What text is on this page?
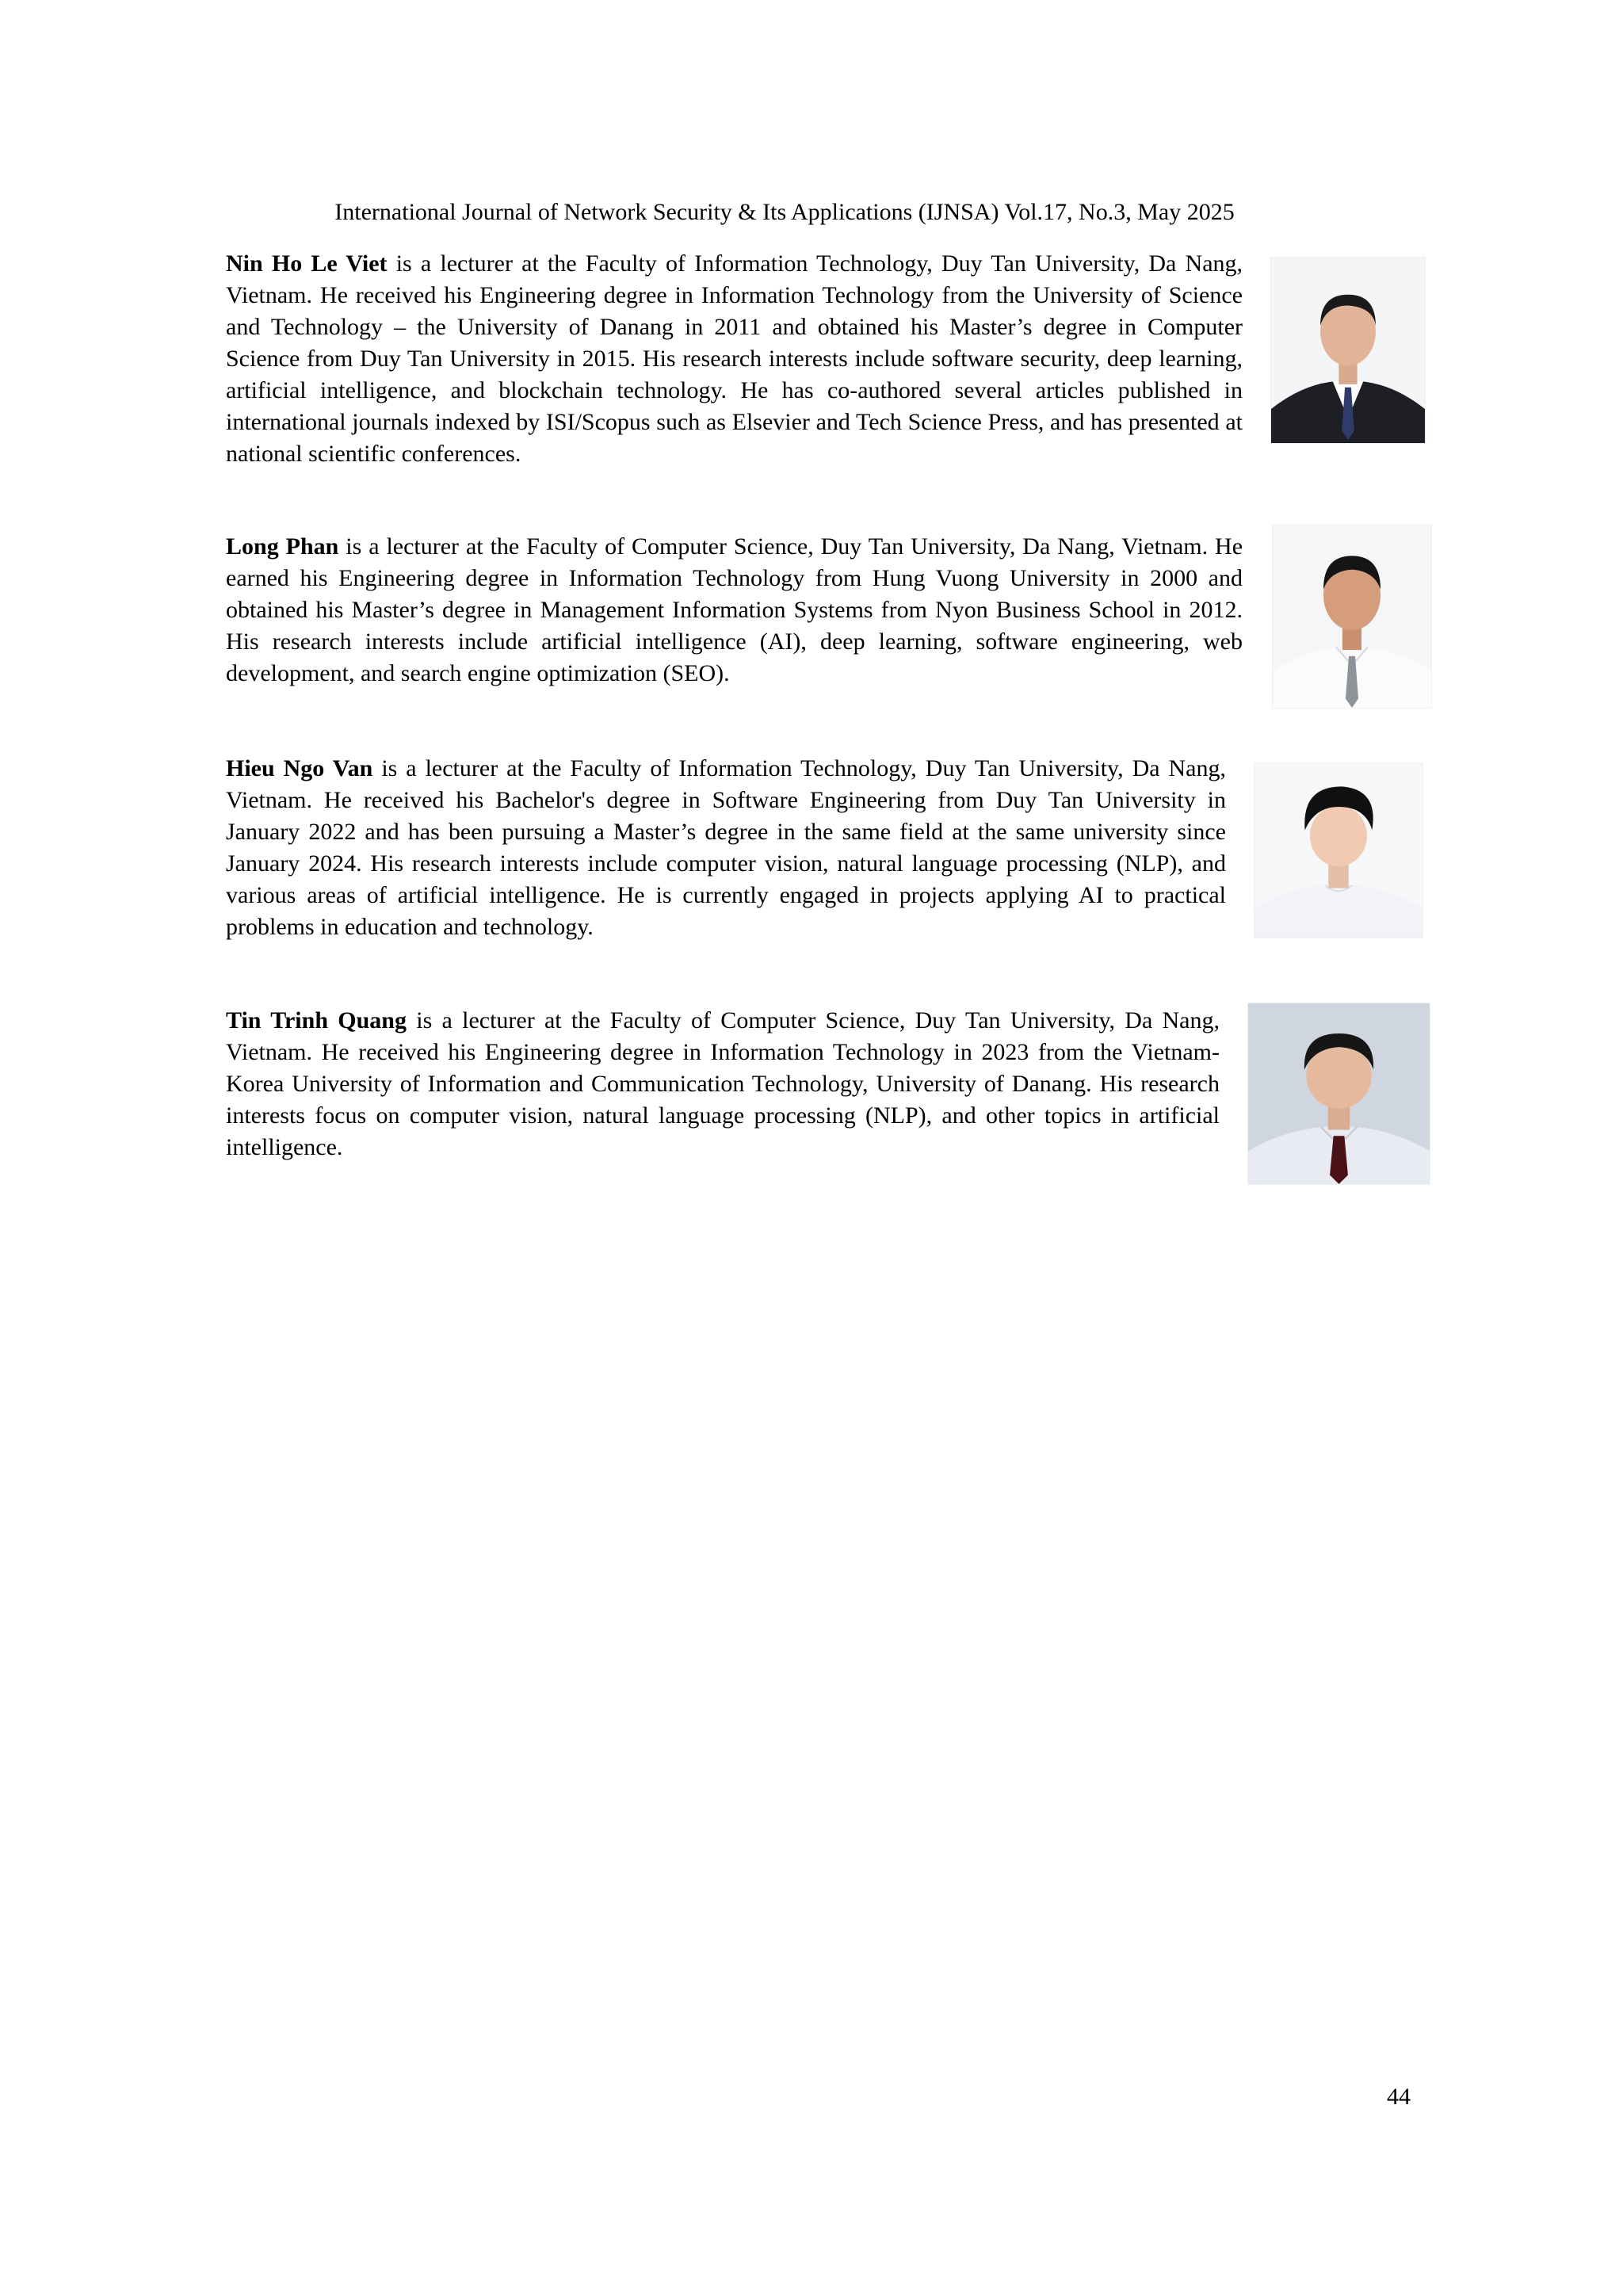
International Journal of Network Security & Its Applications (IJNSA) Vol.17, No.3, May 2025

Nin Ho Le Viet is a lecturer at the Faculty of Information Technology, Duy Tan University, Da Nang, Vietnam. He received his Engineering degree in Information Technology from the University of Science and Technology – the University of Danang in 2011 and obtained his Master’s degree in Computer Science from Duy Tan University in 2015. His research interests include software security, deep learning, artificial intelligence, and blockchain technology. He has co-authored several articles published in international journals indexed by ISI/Scopus such as Elsevier and Tech Science Press, and has presented at national scientific conferences.

Long Phan is a lecturer at the Faculty of Computer Science, Duy Tan University, Da Nang, Vietnam. He earned his Engineering degree in Information Technology from Hung Vuong University in 2000 and obtained his Master’s degree in Management Information Systems from Nyon Business School in 2012. His research interests include artificial intelligence (AI), deep learning, software engineering, web development, and search engine optimization (SEO).

Hieu Ngo Van is a lecturer at the Faculty of Information Technology, Duy Tan University, Da Nang, Vietnam. He received his Bachelor's degree in Software Engineering from Duy Tan University in January 2022 and has been pursuing a Master’s degree in the same field at the same university since January 2024. His research interests include computer vision, natural language processing (NLP), and various areas of artificial intelligence. He is currently engaged in projects applying AI to practical problems in education and technology.

Tin Trinh Quang is a lecturer at the Faculty of Computer Science, Duy Tan University, Da Nang, Vietnam. He received his Engineering degree in Information Technology in 2023 from the Vietnam-Korea University of Information and Communication Technology, University of Danang. His research interests focus on computer vision, natural language processing (NLP), and other topics in artificial intelligence.

44
